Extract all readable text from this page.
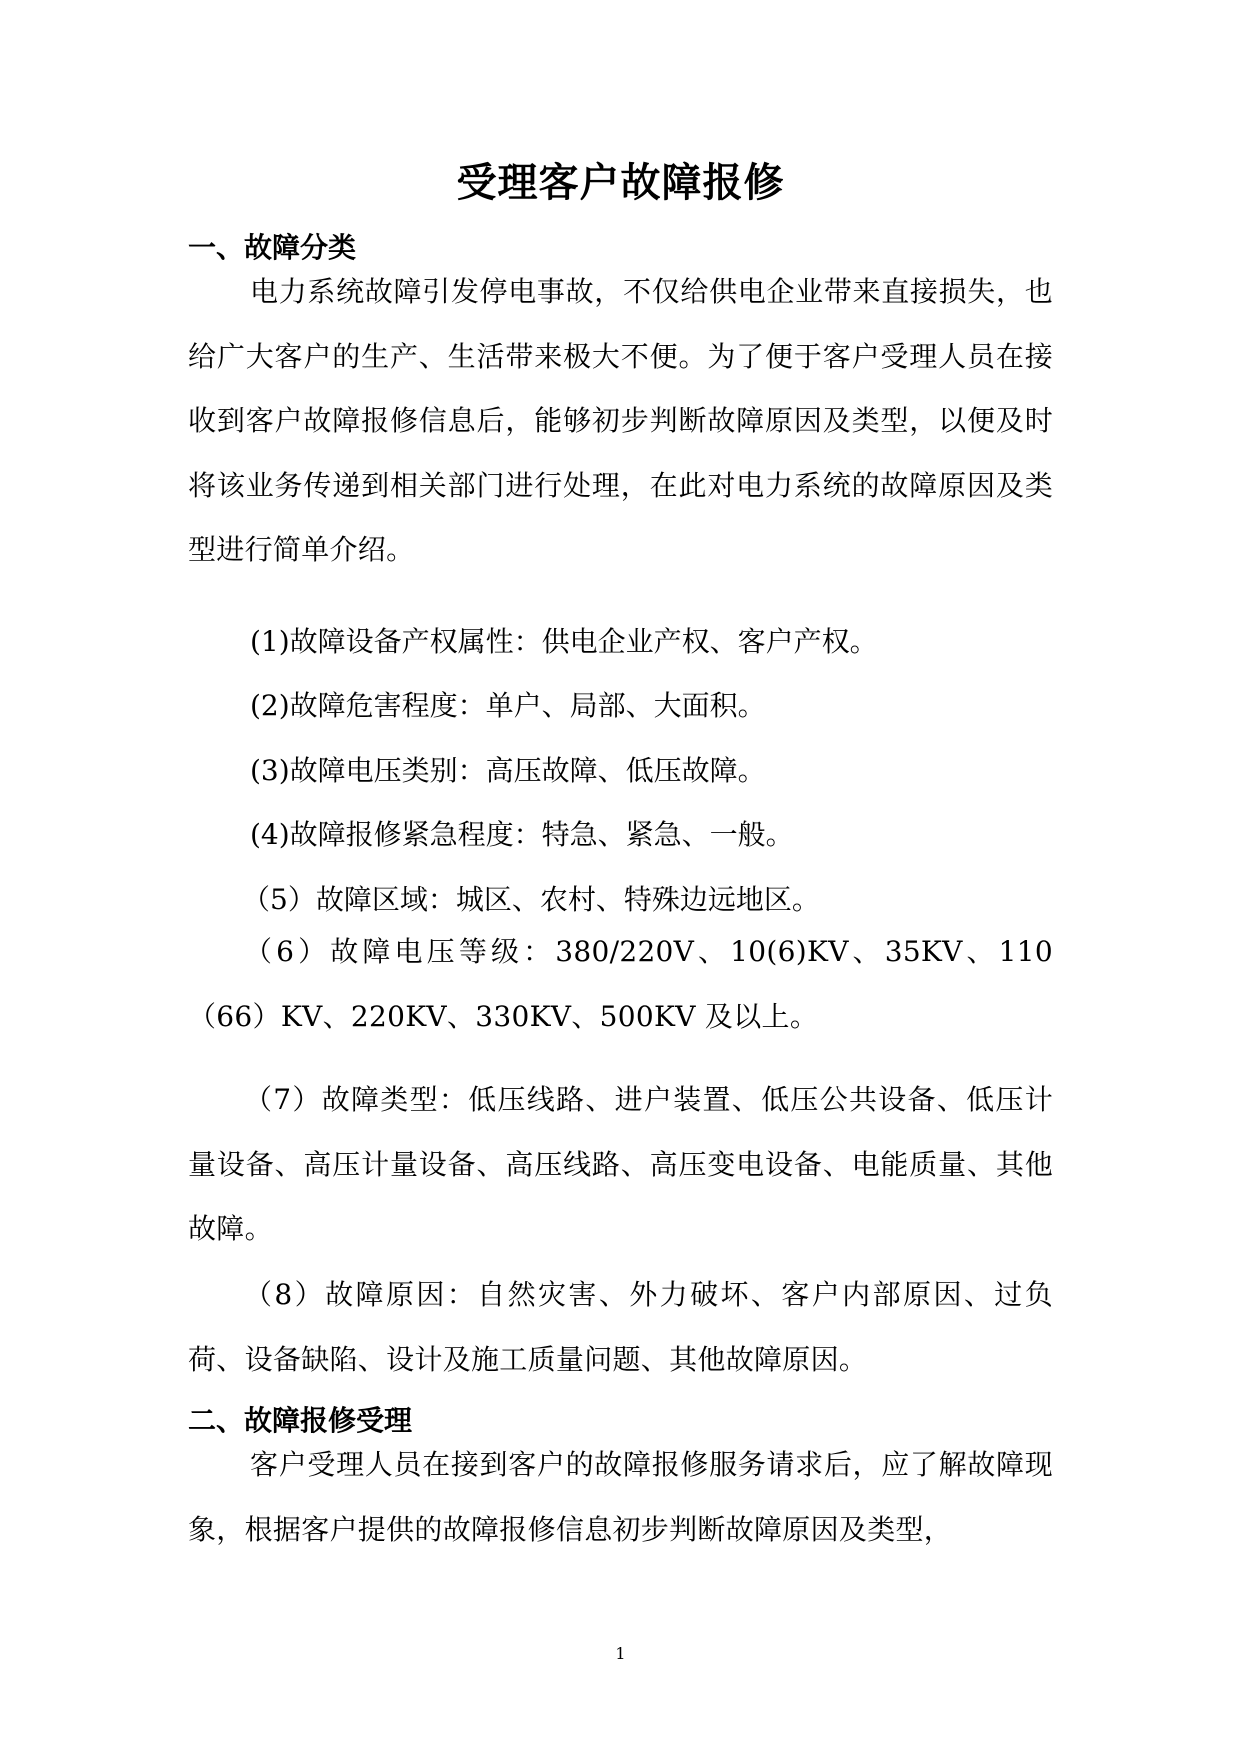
受理客户故障报修
一、故障分类

电力系统故障引发停电事故，不仅给供电企业带来直接损失，也给广大客户的生产、生活带来极大不便。为了便于客户受理人员在接收到客户故障报修信息后，能够初步判断故障原因及类型，以便及时将该业务传递到相关部门进行处理，在此对电力系统的故障原因及类型进行简单介绍。

(1)故障设备产权属性：供电企业产权、客户产权。

(2)故障危害程度：单户、局部、大面积。

(3)故障电压类别：高压故障、低压故障。

(4)故障报修紧急程度：特急、紧急、一般。

（5）故障区域：城区、农村、特殊边远地区。

（6）故障电压等级：380/220V、10(6)KV、35KV、110（66）KV、220KV、330KV、500KV 及以上。

（7）故障类型：低压线路、进户装置、低压公共设备、低压计量设备、高压计量设备、高压线路、高压变电设备、电能质量、其他故障。

（8）故障原因：自然灾害、外力破坏、客户内部原因、过负荷、设备缺陷、设计及施工质量问题、其他故障原因。

二、故障报修受理

客户受理人员在接到客户的故障报修服务请求后，应了解故障现象，根据客户提供的故障报修信息初步判断故障原因及类型，

1
